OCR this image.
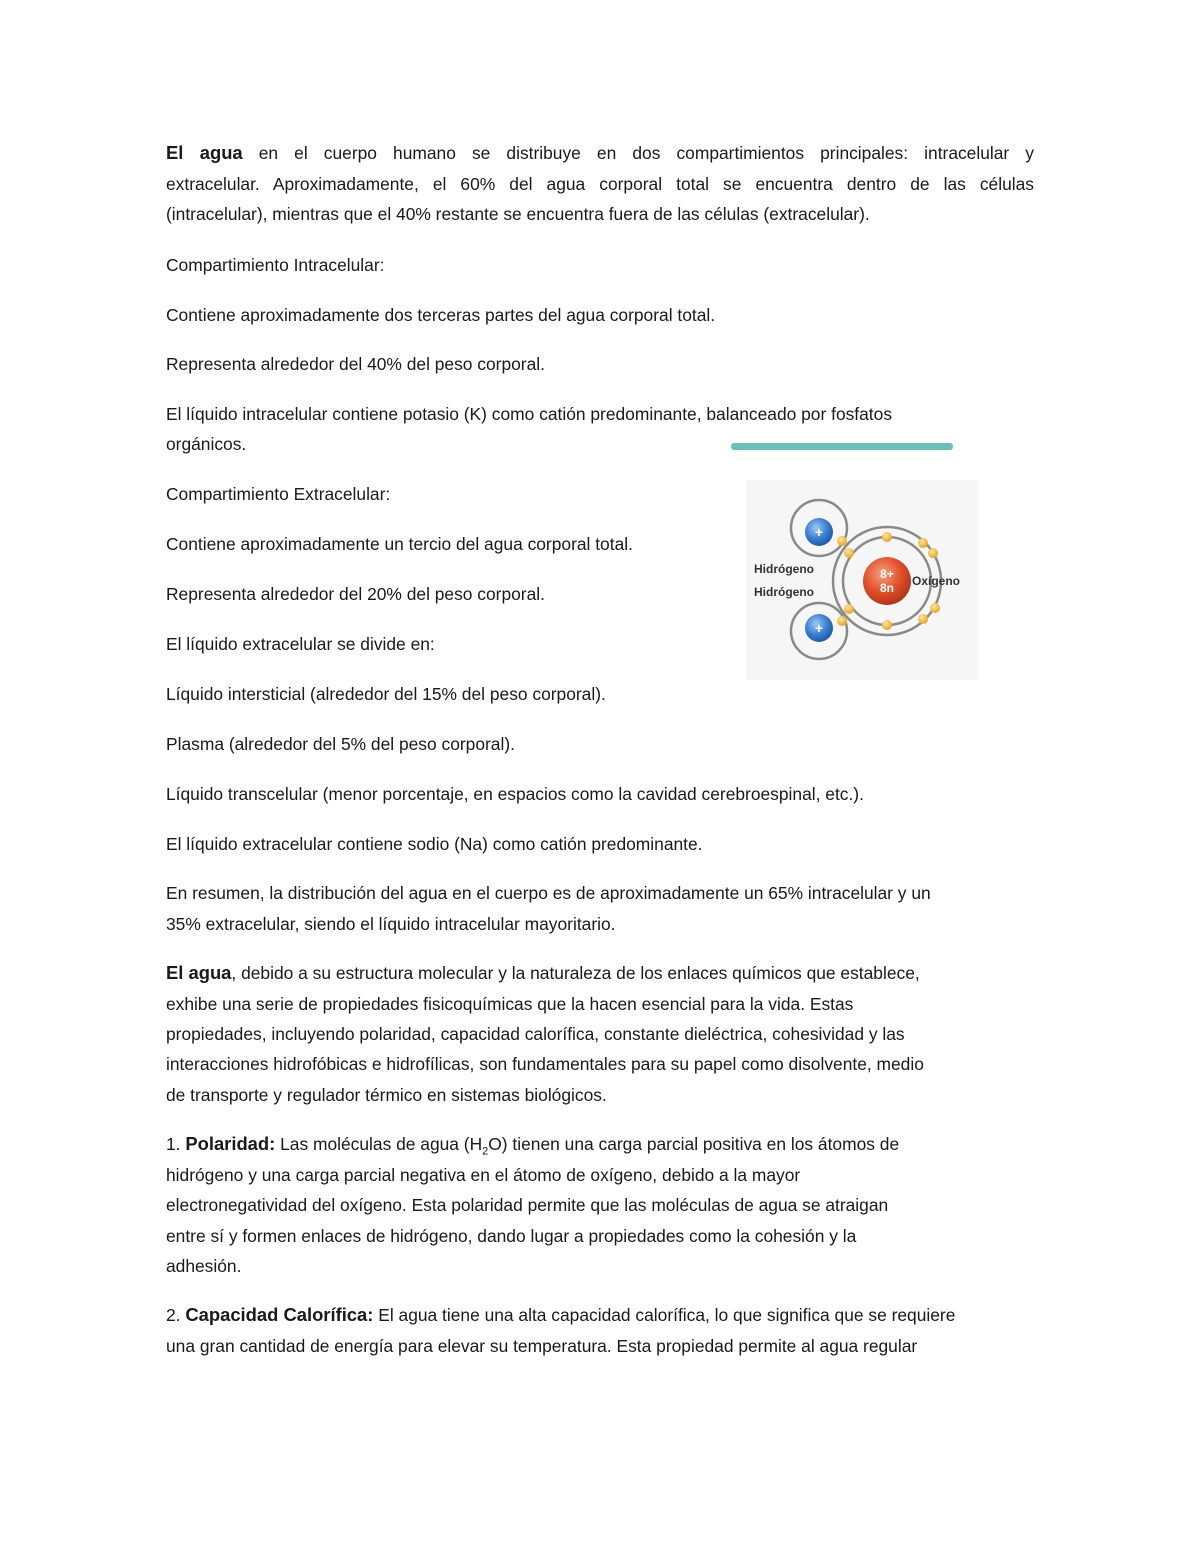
El agua en el cuerpo humano se distribuye en dos compartimientos principales: intracelular y
extracelular. Aproximadamente, el 60% del agua corporal total se encuentra dentro de las células
(intracelular), mientras que el 40% restante se encuentra fuera de las células (extracelular).
Compartimiento Intracelular:
Contiene aproximadamente dos terceras partes del agua corporal total.
Representa alrededor del 40% del peso corporal.
El líquido intracelular contiene potasio (K) como catión predominante, balanceado por fosfatos
orgánicos.
Compartimiento Extracelular:
Contiene aproximadamente un tercio del agua corporal total.
Representa alrededor del 20% del peso corporal.
El líquido extracelular se divide en:
Líquido intersticial (alrededor del 15% del peso corporal).
Plasma (alrededor del 5% del peso corporal).
Líquido transcelular (menor porcentaje, en espacios como la cavidad cerebroespinal, etc.).
El líquido extracelular contiene sodio (Na) como catión predominante.
En resumen, la distribución del agua en el cuerpo es de aproximadamente un 65% intracelular y un
35% extracelular, siendo el líquido intracelular mayoritario.
El agua, debido a su estructura molecular y la naturaleza de los enlaces químicos que establece,
exhibe una serie de propiedades fisicoquímicas que la hacen esencial para la vida. Estas
propiedades, incluyendo polaridad, capacidad calorífica, constante dieléctrica, cohesividad y las
interacciones hidrofóbicas e hidrofílicas, son fundamentales para su papel como disolvente, medio
de transporte y regulador térmico en sistemas biológicos.
1. Polaridad: Las moléculas de agua $(H_2O)$ tienen una carga parcial positiva en los átomos de
hidrógeno y una carga parcial negativa en el átomo de oxígeno, debido a la mayor
electronegatividad del oxígeno. Esta polaridad permite que las moléculas de agua se atraigan
entre sí y formen enlaces de hidrógeno, dando lugar a propiedades como la cohesión y la
adhesión.
2. Capacidad Calorífica: El agua tiene una alta capacidad calorífica, lo que significa que se requiere
una gran cantidad de energía para elevar su temperatura. Esta propiedad permite al agua regular
+
+
8+
8n
Hidrógeno
Hidrógeno
Oxígeno
